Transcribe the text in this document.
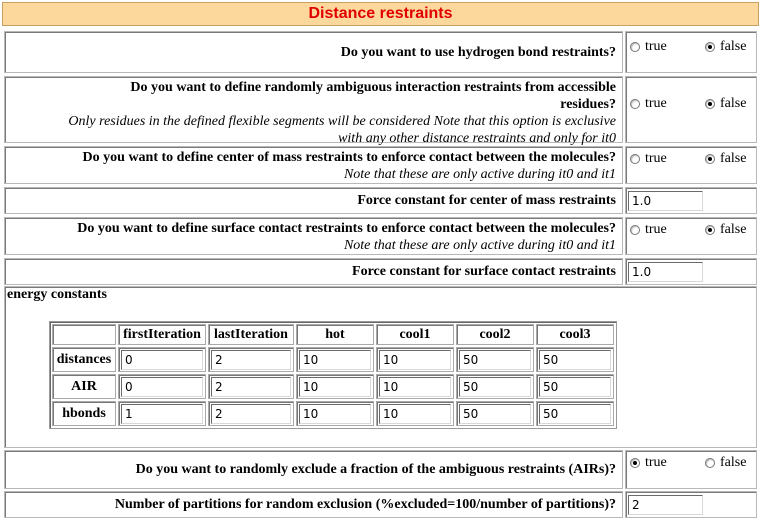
Distance restraints
Do you want to use hydrogen bond restraints? true	false
Do you want to define randomly ambiguous interaction restraints from accessible
residues?
Only residues in the defined flexible segments will be considered Note that this option is exclusive
with any other distance restraints and only for it0
true	false
Do you want to define center of mass restraints to enforce contact between the molecules?
Note that these are only active during it0 and it1
true	false
Force constant for center of mass restraints	1.0
Do you want to define surface contact restraints to enforce contact between the molecules?
Note that these are only active during it0 and it1
true	false
Force constant for surface contact restraints	1.0
energy constants
	firstIteration	lastIteration	hot	cool1	cool2	cool3
distances	0	2	10	10	50	50

AIR	0	2	10	10	50	50

hbonds	1	2	10	10	50	50
Do you want to randomly exclude a fraction of the ambiguous restraints (AIRs)? true	false
Number of partitions for random exclusion (%excluded=100/number of partitions)?	2
